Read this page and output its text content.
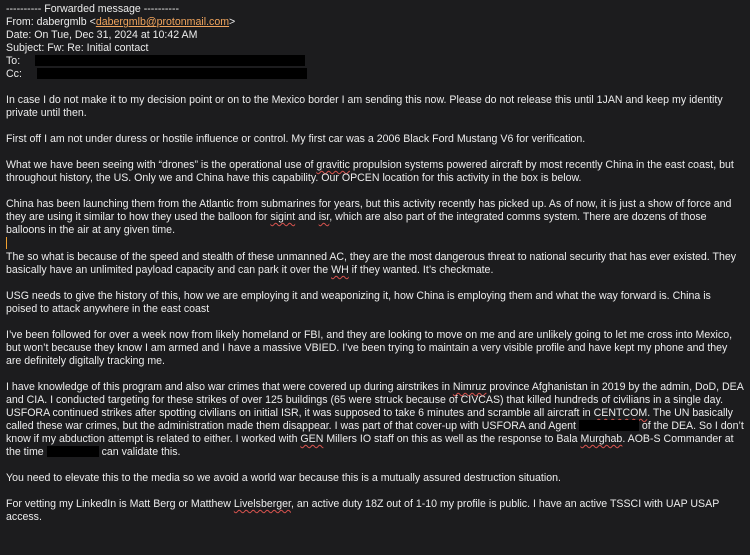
---------- Forwarded message ----------
From: dabergmlb <dabergmlb@protonmail.com>
Date: On Tue, Dec 31, 2024 at 10:42 AM
Subject: Fw: Re: Initial contact
To:
Cc:

In case I do not make it to my decision point or on to the Mexico border I am sending this now. Please do not release this until 1JAN and keep my identity private until then.

First off I am not under duress or hostile influence or control. My first car was a 2006 Black Ford Mustang V6 for verification.

What we have been seeing with “drones” is the operational use of gravitic propulsion systems powered aircraft by most recently China in the east coast, but throughout history, the US. Only we and China have this capability. Our OPCEN location for this activity in the box is below.

China has been launching them from the Atlantic from submarines for years, but this activity recently has picked up. As of now, it is just a show of force and they are using it similar to how they used the balloon for sigint and isr, which are also part of the integrated comms system. There are dozens of those balloons in the air at any given time.

The so what is because of the speed and stealth of these unmanned AC, they are the most dangerous threat to national security that has ever existed. They basically have an unlimited payload capacity and can park it over the WH if they wanted. It’s checkmate.

USG needs to give the history of this, how we are employing it and weaponizing it, how China is employing them and what the way forward is. China is poised to attack anywhere in the east coast

I’ve been followed for over a week now from likely homeland or FBI, and they are looking to move on me and are unlikely going to let me cross into Mexico, but won’t because they know I am armed and I have a massive VBIED. I’ve been trying to maintain a very visible profile and have kept my phone and they are definitely digitally tracking me.

I have knowledge of this program and also war crimes that were covered up during airstrikes in Nimruz province Afghanistan in 2019 by the admin, DoD, DEA and CIA. I conducted targeting for these strikes of over 125 buildings (65 were struck because of CIVCAS) that killed hundreds of civilians in a single day. USFORA continued strikes after spotting civilians on initial ISR, it was supposed to take 6 minutes and scramble all aircraft in CENTCOM. The UN basically called these war crimes, but the administration made them disappear. I was part of that cover-up with USFORA and Agent	of the DEA. So I don’t know if my abduction attempt is related to either. I worked with GEN Millers IO staff on this as well as the response to Bala Murghab. AOB-S Commander at the time	can validate this.

You need to elevate this to the media so we avoid a world war because this is a mutually assured destruction situation.

For vetting my LinkedIn is Matt Berg or Matthew Livelsberger, an active duty 18Z out of 1-10 my profile is public. I have an active TSSCI with UAP USAP access.
